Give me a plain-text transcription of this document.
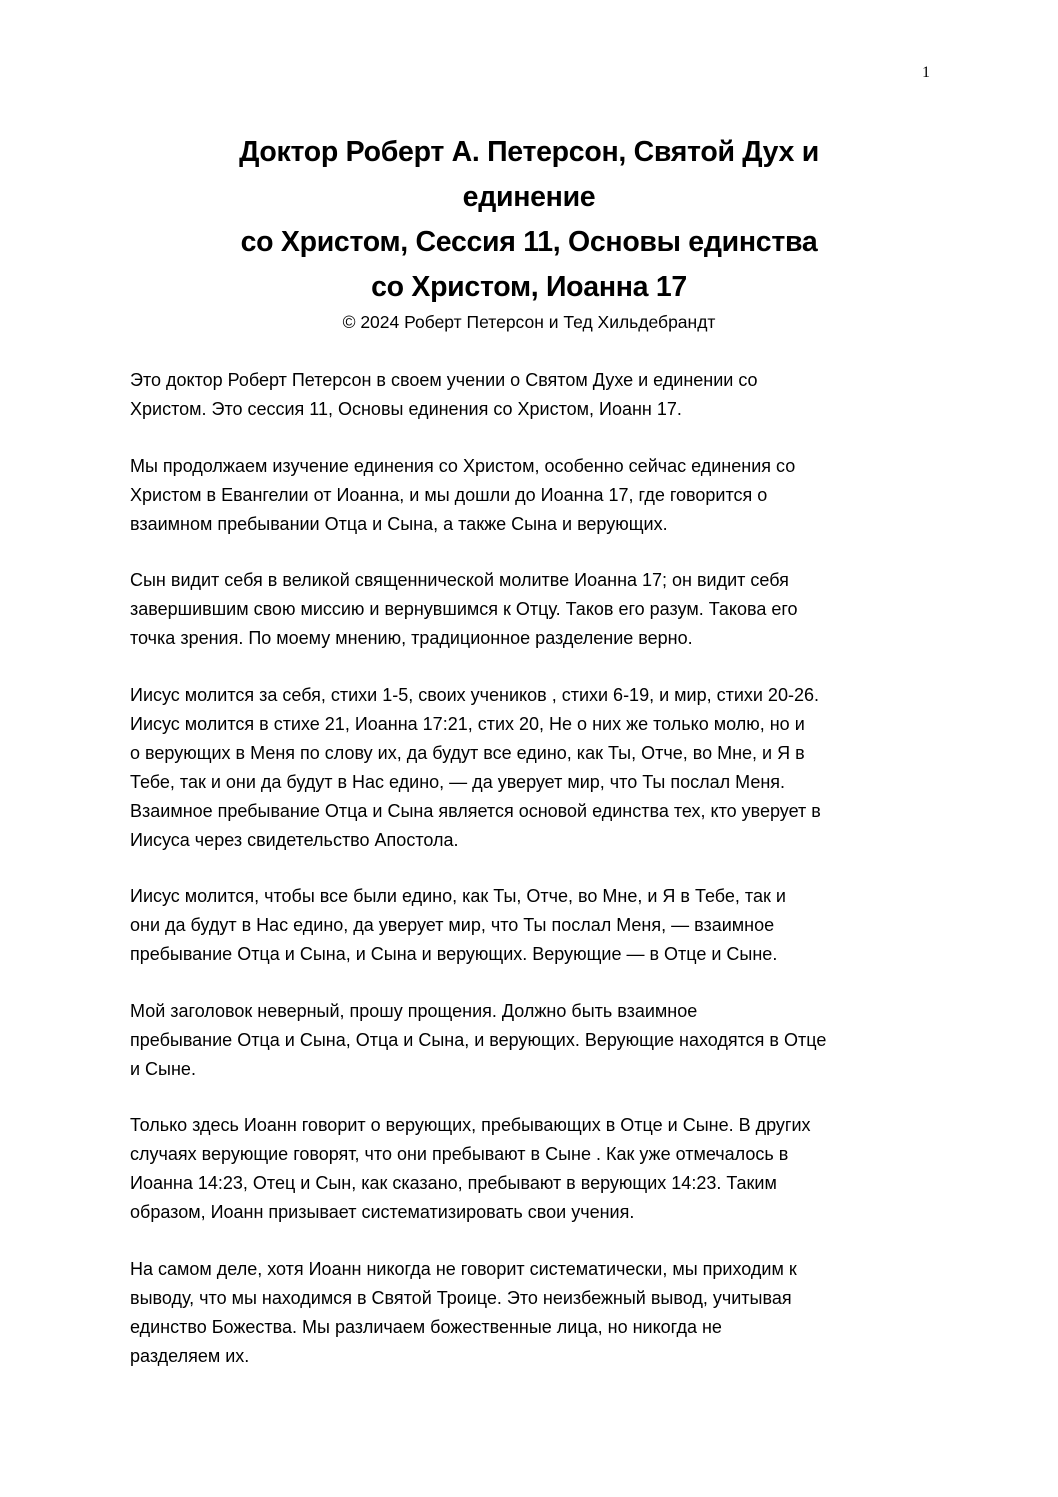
1
Доктор Роберт А. Петерсон, Святой Дух и
единение
со Христом, Сессия 11, Основы единства
со Христом, Иоанна 17
© 2024 Роберт Петерсон и Тед Хильдебрандт
Это доктор Роберт Петерсон в своем учении о Святом Духе и единении со
Христом. Это сессия 11, Основы единения со Христом, Иоанн 17.
Мы продолжаем изучение единения со Христом, особенно сейчас единения со
Христом в Евангелии от Иоанна, и мы дошли до Иоанна 17, где говорится о
взаимном пребывании Отца и Сына, а также Сына и верующих.
Сын видит себя в великой священнической молитве Иоанна 17; он видит себя
завершившим свою миссию и вернувшимся к Отцу. Таков его разум. Такова его
точка зрения. По моему мнению, традиционное разделение верно.
Иисус молится за себя, стихи 1-5, своих учеников , стихи 6-19, и мир, стихи 20-26.
Иисус молится в стихе 21, Иоанна 17:21, стих 20, Не о них же только молю, но и
о верующих в Меня по слову их, да будут все едино, как Ты, Отче, во Мне, и Я в
Тебе, так и они да будут в Нас едино, — да уверует мир, что Ты послал Меня.
Взаимное пребывание Отца и Сына является основой единства тех, кто уверует в
Иисуса через свидетельство Апостола.
Иисус молится, чтобы все были едино, как Ты, Отче, во Мне, и Я в Тебе, так и
они да будут в Нас едино, да уверует мир, что Ты послал Меня, — взаимное
пребывание Отца и Сына, и Сына и верующих. Верующие — в Отце и Сыне.
Мой заголовок неверный, прошу прощения. Должно быть взаимное
пребывание Отца и Сына, Отца и Сына, и верующих. Верующие находятся в Отце
и Сыне.
Только здесь Иоанн говорит о верующих, пребывающих в Отце и Сыне. В других
случаях верующие говорят, что они пребывают в Сыне . Как уже отмечалось в
Иоанна 14:23, Отец и Сын, как сказано, пребывают в верующих 14:23. Таким
образом, Иоанн призывает систематизировать свои учения.
На самом деле, хотя Иоанн никогда не говорит систематически, мы приходим к
выводу, что мы находимся в Святой Троице. Это неизбежный вывод, учитывая
единство Божества. Мы различаем божественные лица, но никогда не
разделяем их.
